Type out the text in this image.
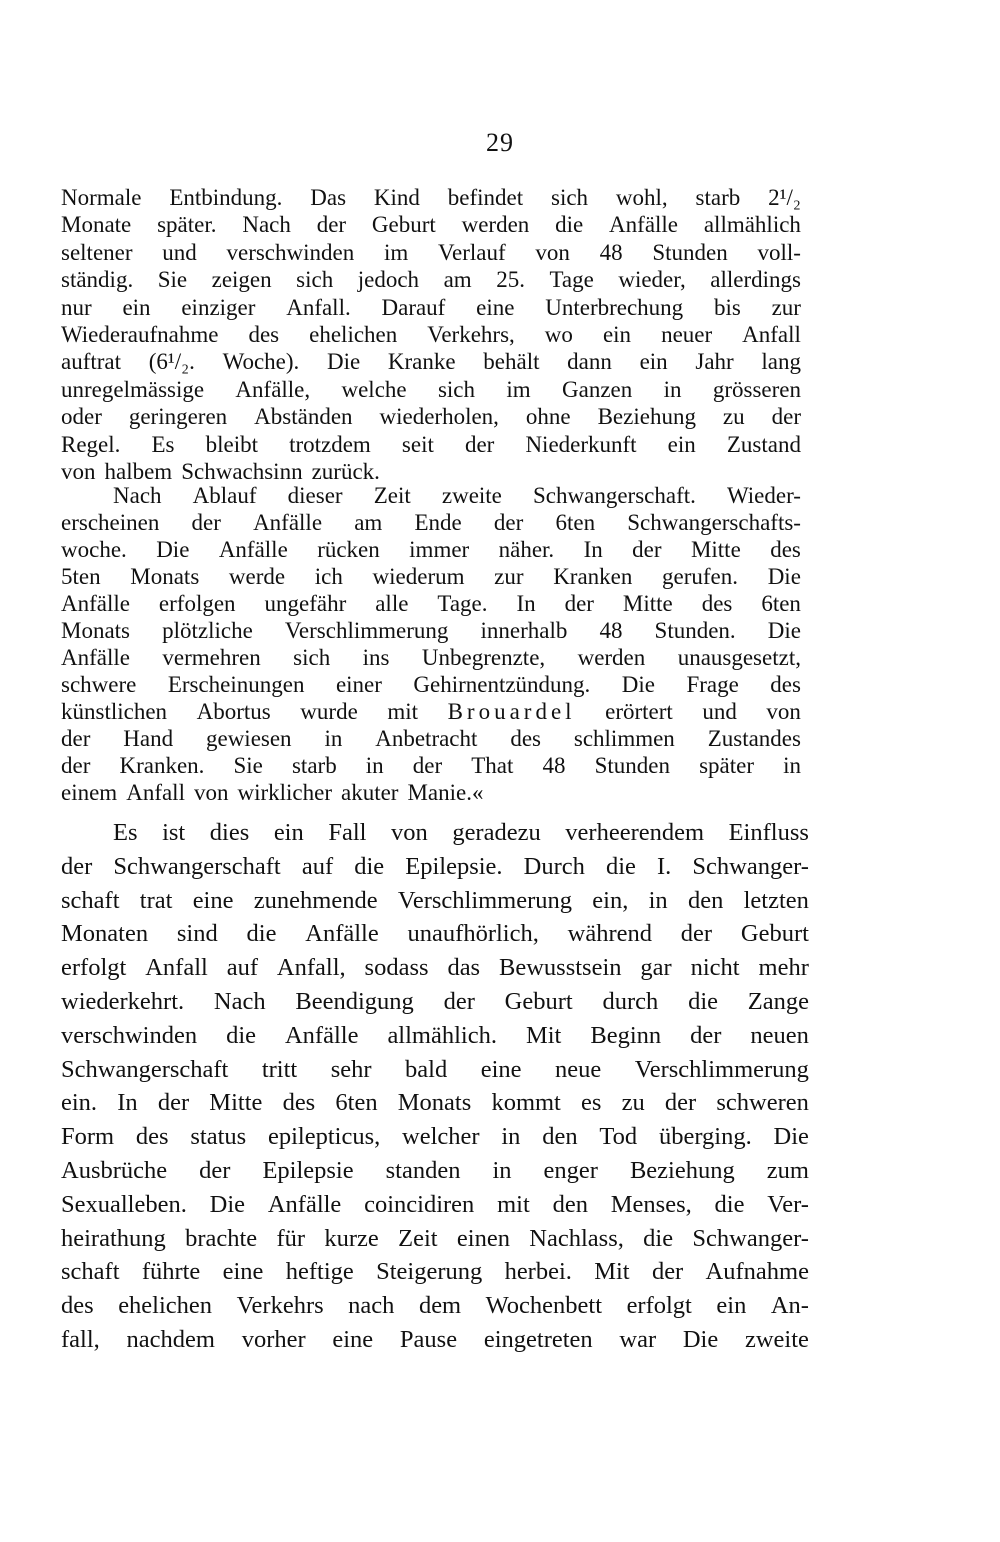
29
Normale Entbindung. Das Kind befindet sich wohl, starb 2¹/₂
Monate später. Nach der Geburt werden die Anfälle allmählich
seltener und verschwinden im Verlauf von 48 Stunden voll-
ständig. Sie zeigen sich jedoch am 25. Tage wieder, allerdings
nur ein einziger Anfall. Darauf eine Unterbrechung bis zur
Wiederaufnahme des ehelichen Verkehrs, wo ein neuer Anfall
auftrat (6¹/₂. Woche). Die Kranke behält dann ein Jahr lang
unregelmässige Anfälle, welche sich im Ganzen in grösseren
oder geringeren Abständen wiederholen, ohne Beziehung zu der
Regel. Es bleibt trotzdem seit der Niederkunft ein Zustand
von halbem Schwachsinn zurück.
Nach Ablauf dieser Zeit zweite Schwangerschaft. Wieder-
erscheinen der Anfälle am Ende der 6ten Schwangerschafts-
woche. Die Anfälle rücken immer näher. In der Mitte des
5ten Monats werde ich wiederum zur Kranken gerufen. Die
Anfälle erfolgen ungefähr alle Tage. In der Mitte des 6ten
Monats plötzliche Verschlimmerung innerhalb 48 Stunden. Die
Anfälle vermehren sich ins Unbegrenzte, werden unausgesetzt,
schwere Erscheinungen einer Gehirnentzündung. Die Frage des
künstlichen Abortus wurde mit Brouardel erörtert und von
der Hand gewiesen in Anbetracht des schlimmen Zustandes
der Kranken. Sie starb in der That 48 Stunden später in
einem Anfall von wirklicher akuter Manie.«
Es ist dies ein Fall von geradezu verheerendem Einfluss
der Schwangerschaft auf die Epilepsie. Durch die I. Schwanger-
schaft trat eine zunehmende Verschlimmerung ein, in den letzten
Monaten sind die Anfälle unaufhörlich, während der Geburt
erfolgt Anfall auf Anfall, sodass das Bewusstsein gar nicht mehr
wiederkehrt. Nach Beendigung der Geburt durch die Zange
verschwinden die Anfälle allmählich. Mit Beginn der neuen
Schwangerschaft tritt sehr bald eine neue Verschlimmerung
ein. In der Mitte des 6ten Monats kommt es zu der schweren
Form des status epilepticus, welcher in den Tod überging. Die
Ausbrüche der Epilepsie standen in enger Beziehung zum
Sexualleben. Die Anfälle coincidiren mit den Menses, die Ver-
heirathung brachte für kurze Zeit einen Nachlass, die Schwanger-
schaft führte eine heftige Steigerung herbei. Mit der Aufnahme
des ehelichen Verkehrs nach dem Wochenbett erfolgt ein An-
fall, nachdem vorher eine Pause eingetreten war Die zweite
